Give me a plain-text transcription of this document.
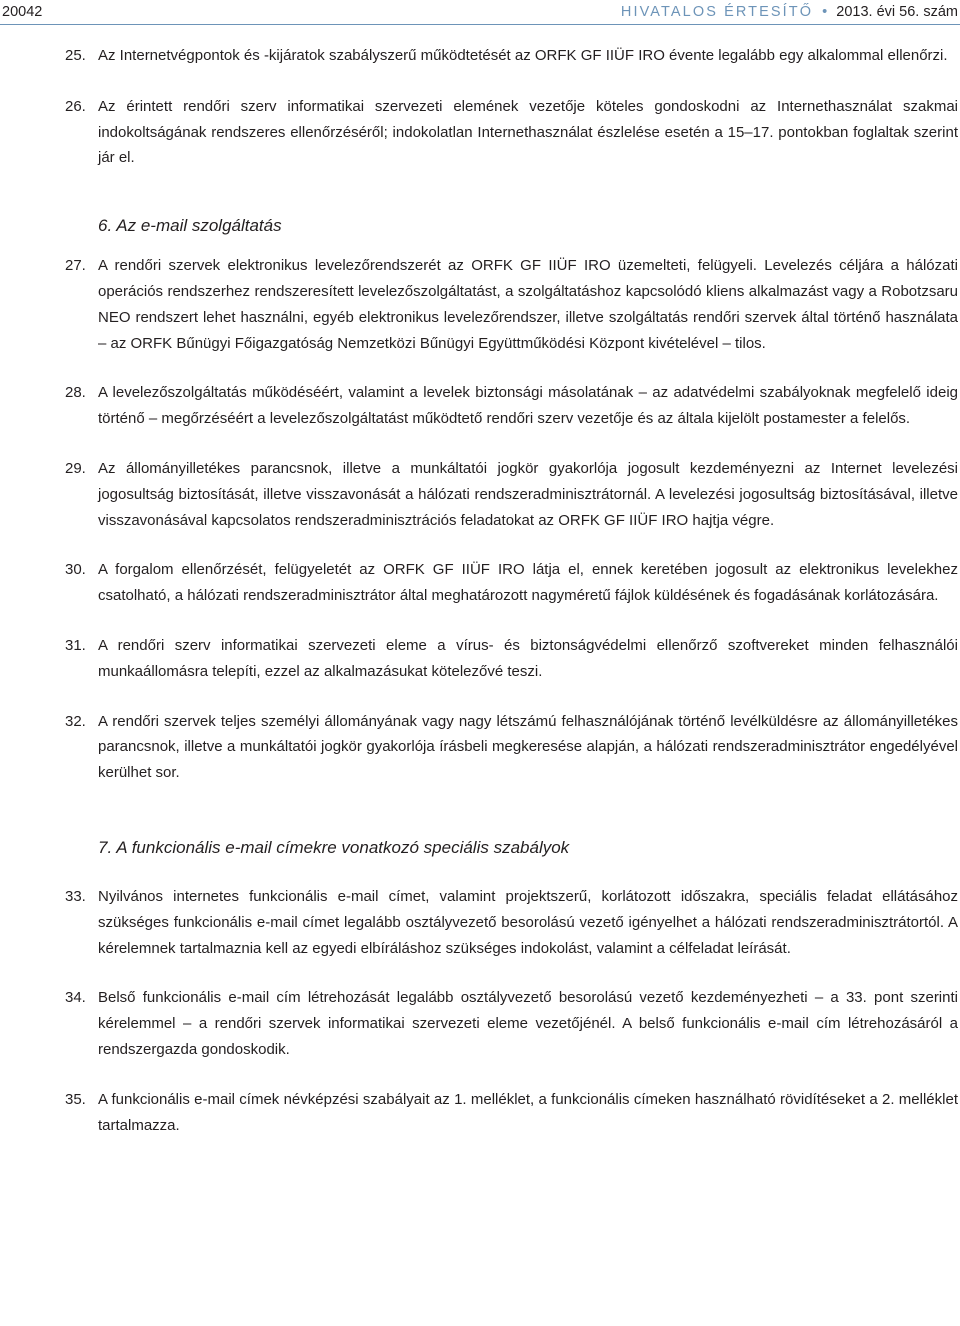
20042	HIVATALOS ÉRTESÍTŐ • 2013. évi 56. szám
25. Az Internetvégpontok és -kijáratok szabályszerű működtetését az ORFK GF IIÜF IRO évente legalább egy alkalommal ellenőrzi.
26. Az érintett rendőri szerv informatikai szervezeti elemének vezetője köteles gondoskodni az Internethasználat szakmai indokoltságának rendszeres ellenőrzéséről; indokolatlan Internethasználat észlelése esetén a 15–17. pontokban foglaltak szerint jár el.
6. Az e-mail szolgáltatás
27. A rendőri szervek elektronikus levelezőrendszerét az ORFK GF IIÜF IRO üzemelteti, felügyeli. Levelezés céljára a hálózati operációs rendszerhez rendszeresített levelezőszolgáltatást, a szolgáltatáshoz kapcsolódó kliens alkalmazást vagy a Robotzsaru NEO rendszert lehet használni, egyéb elektronikus levelezőrendszer, illetve szolgáltatás rendőri szervek által történő használata – az ORFK Bűnügyi Főigazgatóság Nemzetközi Bűnügyi Együttműködési Központ kivételével – tilos.
28. A levelezőszolgáltatás működéséért, valamint a levelek biztonsági másolatának – az adatvédelmi szabályoknak megfelelő ideig történő – megőrzéséért a levelezőszolgáltatást működtető rendőri szerv vezetője és az általa kijelölt postamester a felelős.
29. Az állományilletékes parancsnok, illetve a munkáltatói jogkör gyakorlója jogosult kezdeményezni az Internet levelezési jogosultság biztosítását, illetve visszavonását a hálózati rendszeradminisztrátornál. A levelezési jogosultság biztosításával, illetve visszavonásával kapcsolatos rendszeradminisztrációs feladatokat az ORFK GF IIÜF IRO hajtja végre.
30. A forgalom ellenőrzését, felügyeletét az ORFK GF IIÜF IRO látja el, ennek keretében jogosult az elektronikus levelekhez csatolható, a hálózati rendszeradminisztrátor által meghatározott nagyméretű fájlok küldésének és fogadásának korlátozására.
31. A rendőri szerv informatikai szervezeti eleme a vírus- és biztonságvédelmi ellenőrző szoftvereket minden felhasználói munkaállomásra telepíti, ezzel az alkalmazásukat kötelezővé teszi.
32. A rendőri szervek teljes személyi állományának vagy nagy létszámú felhasználójának történő levélküldésre az állományilletékes parancsnok, illetve a munkáltatói jogkör gyakorlója írásbeli megkeresése alapján, a hálózati rendszeradminisztrátor engedélyével kerülhet sor.
7. A funkcionális e-mail címekre vonatkozó speciális szabályok
33. Nyilvános internetes funkcionális e-mail címet, valamint projektszerű, korlátozott időszakra, speciális feladat ellátásához szükséges funkcionális e-mail címet legalább osztályvezető besorolású vezető igényelhet a hálózati rendszeradminisztrátortól. A kérelemnek tartalmaznia kell az egyedi elbíráláshoz szükséges indokolást, valamint a célfeladat leírását.
34. Belső funkcionális e-mail cím létrehozását legalább osztályvezető besorolású vezető kezdeményezheti – a 33. pont szerinti kérelemmel – a rendőri szervek informatikai szervezeti eleme vezetőjénél. A belső funkcionális e-mail cím létrehozásáról a rendszergazda gondoskodik.
35. A funkcionális e-mail címek névképzési szabályait az 1. melléklet, a funkcionális címeken használható rövidítéseket a 2. melléklet tartalmazza.
